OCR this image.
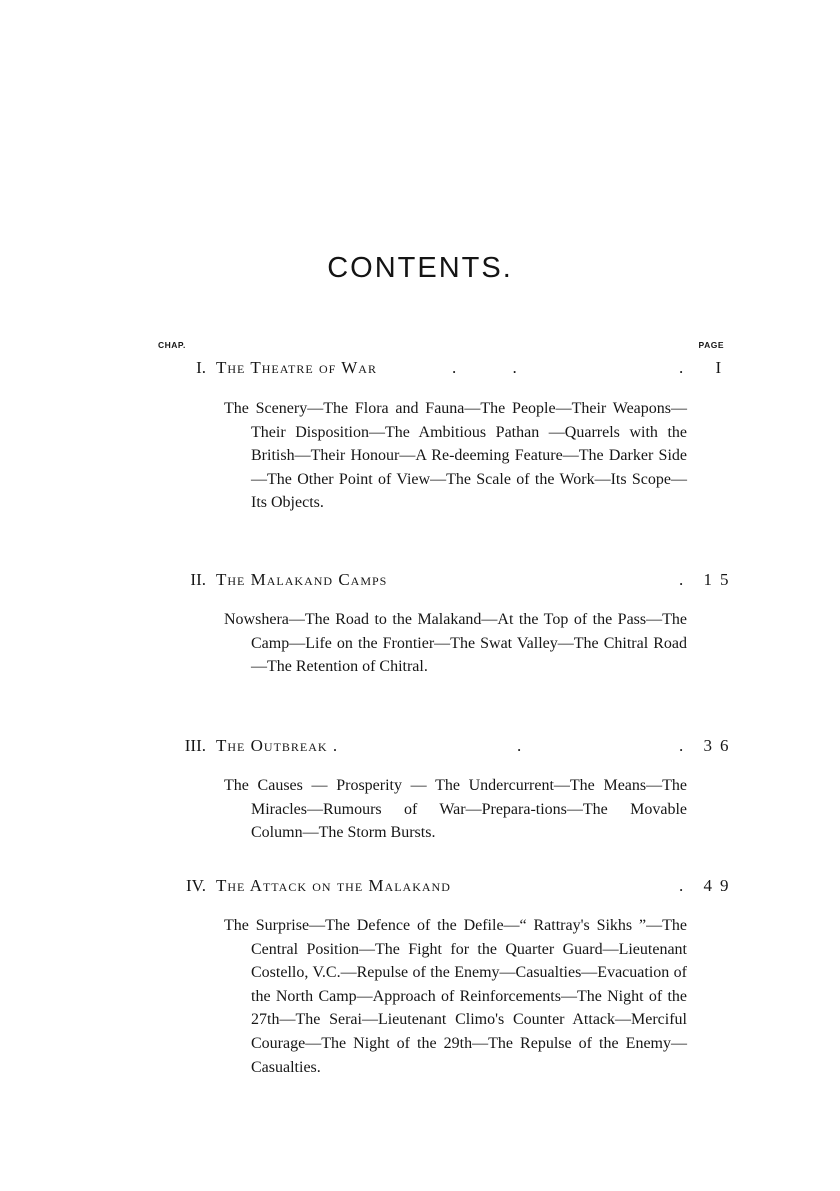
CONTENTS.
CHAP.	PAGE
I. The Theatre of War	. .	. I
The Scenery—The Flora and Fauna—The People—Their Weapons—Their Disposition—The Ambitious Pathan —Quarrels with the British—Their Honour—A Re-deeming Feature—The Darker Side—The Other Point of View—The Scale of the Work—Its Scope—Its Objects.
II. The Malakand Camps	. 15
Nowshera—The Road to the Malakand—At the Top of the Pass—The Camp—Life on the Frontier—The Swat Valley—The Chitral Road—The Retention of Chitral.
III. The Outbreak .	.	. 36
The Causes — Prosperity — The Undercurrent—The Means—The Miracles—Rumours of War—Prepara-tions—The Movable Column—The Storm Bursts.
IV. The Attack on the Malakand	. 49
The Surprise—The Defence of the Defile—“ Rattray's Sikhs ”—The Central Position—The Fight for the Quarter Guard—Lieutenant Costello, V.C.—Repulse of the Enemy—Casualties—Evacuation of the North Camp—Approach of Reinforcements—The Night of the 27th—The Serai—Lieutenant Climo's Counter Attack—Merciful Courage—The Night of the 29th—The Repulse of the Enemy—Casualties.
